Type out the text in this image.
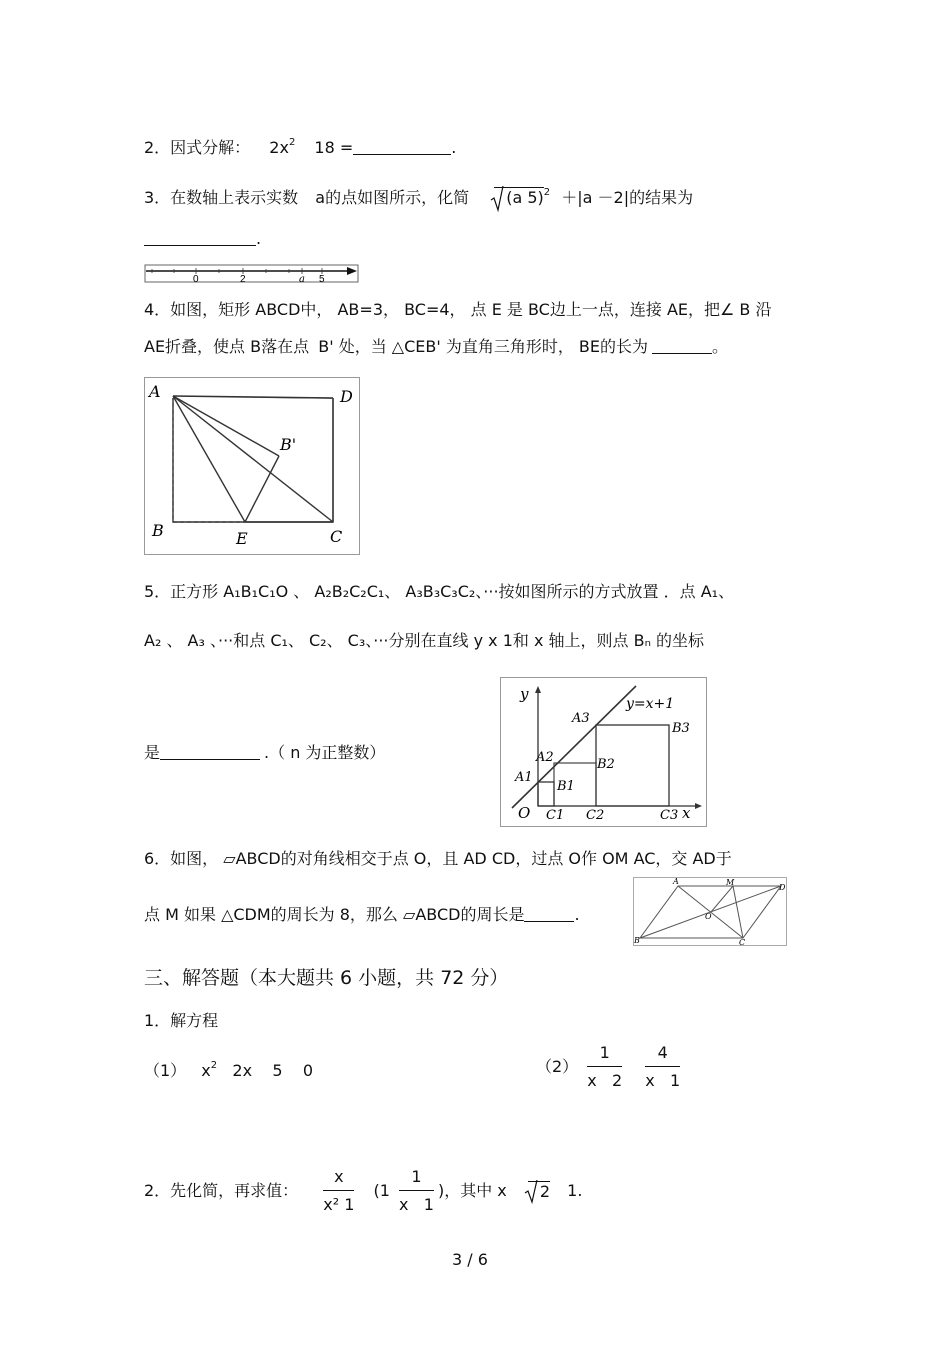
2．因式分解： $2x^2$ 18 =	.
3．在数轴上表示实数 a的点如图所示，化简 (a 5)$^2$ ＋|a －2|的结果为
.
0	2	a 5
4．如图，矩形 ABCD中， AB=3， BC=4， 点 E 是 BC边上一点，连接 AE，把∠ B 沿
AE折叠，使点 B落在点 B' 处，当 △CEB' 为直角三角形时， BE的长为	。
A	D
B'
B	E	C
5．正方形 A₁B₁C₁O 、 A₂B₂C₂C₁、 A₃B₃C₃C₂、···按如图所示的方式放置 ．点 A₁、
A₂ 、 A₃ 、···和点 C₁、 C₂、 C₃、···分别在直线 y x 1和 x 轴上，则点 Bₙ 的坐标
是	.（ n 为正整数）
y
x
O
y=x+1
A1
A2
A3
B1
B2
B3
C1 C2	C3
6．如图， ▱ABCD的对角线相交于点 O，且 AD CD，过点 O作 OM AC，交 AD于
点 M 如果 △CDM的周长为 8，那么 ▱ABCD的周长是	.
A	M
D
O
B	C
三、解答题（本大题共 6 小题，共 72 分）
1．解方程
（1） $x^2$   2x    5    0	$(2) \frac{1}{x 2}$
$\frac{4}{x 1}$
2．先化简，再求值： $\frac{x}{\text{x² 1}} (1 \frac{1}{x 1}$ )，其中 x 2 1.
3 / 6
